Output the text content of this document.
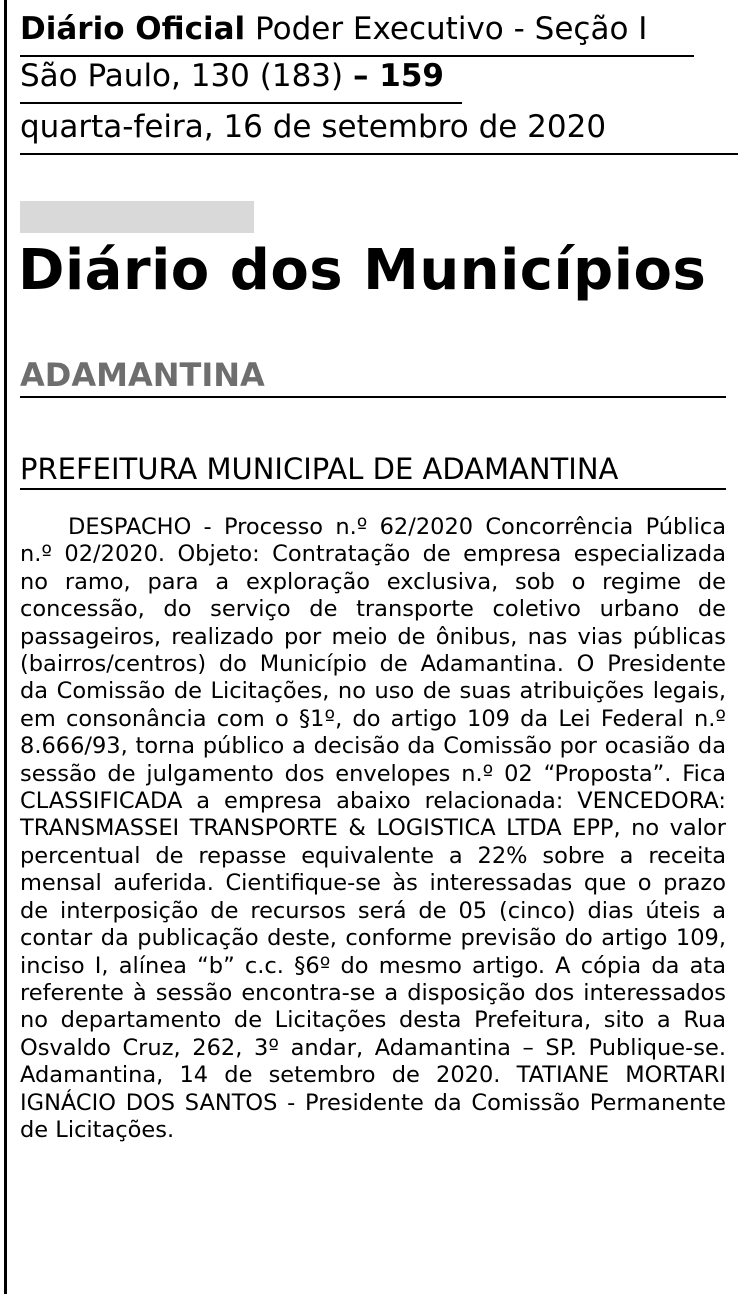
Diário Oficial Poder Executivo - Seção I
São Paulo, 130 (183) – 159
quarta-feira, 16 de setembro de 2020
Diário dos Municípios
ADAMANTINA
PREFEITURA MUNICIPAL DE ADAMANTINA
DESPACHO - Processo n.º 62/2020 Concorrência Pública n.º 02/2020. Objeto: Contratação de empresa especializada no ramo, para a exploração exclusiva, sob o regime de concessão, do serviço de transporte coletivo urbano de passageiros, realizado por meio de ônibus, nas vias públicas (bairros/centros) do Município de Adamantina. O Presidente da Comissão de Licitações, no uso de suas atribuições legais, em consonância com o §1º, do artigo 109 da Lei Federal n.º 8.666/93, torna público a decisão da Comissão por ocasião da sessão de julgamento dos envelopes n.º 02 “Proposta”. Fica CLASSIFICADA a empresa abaixo relacionada: VENCEDORA: TRANSMASSEI TRANSPORTE & LOGISTICA LTDA EPP, no valor percentual de repasse equivalente a 22% sobre a receita mensal auferida. Cientifique-se às interessadas que o prazo de interposição de recursos será de 05 (cinco) dias úteis a contar da publicação deste, conforme previsão do artigo 109, inciso I, alínea “b” c.c. §6º do mesmo artigo. A cópia da ata referente à sessão encontra-se a disposição dos interessados no departamento de Licitações desta Prefeitura, sito a Rua Osvaldo Cruz, 262, 3º andar, Adamantina – SP. Publique-se. Adamantina, 14 de setembro de 2020. TATIANE MORTARI IGNÁCIO DOS SANTOS - Presidente da Comissão Permanente de Licitações.
